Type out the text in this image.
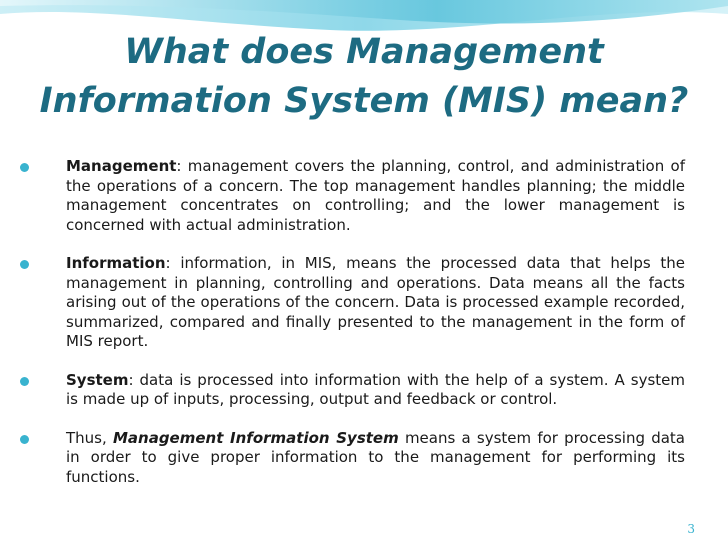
What does Management
Information System (MIS) mean?
Management: management covers the planning, control, and administration of the operations of a concern. The top management handles planning; the middle management concentrates on controlling; and the lower management is concerned with actual administration.
Information: information, in MIS, means the processed data that helps the management in planning, controlling and operations. Data means all the facts arising out of the operations of the concern. Data is processed example recorded, summarized, compared and finally presented to the management in the form of MIS report.
System: data is processed into information with the help of a system. A system is made up of inputs, processing, output and feedback or control.
Thus, Management Information System means a system for processing data in order to give proper information to the management for performing its functions.
3
